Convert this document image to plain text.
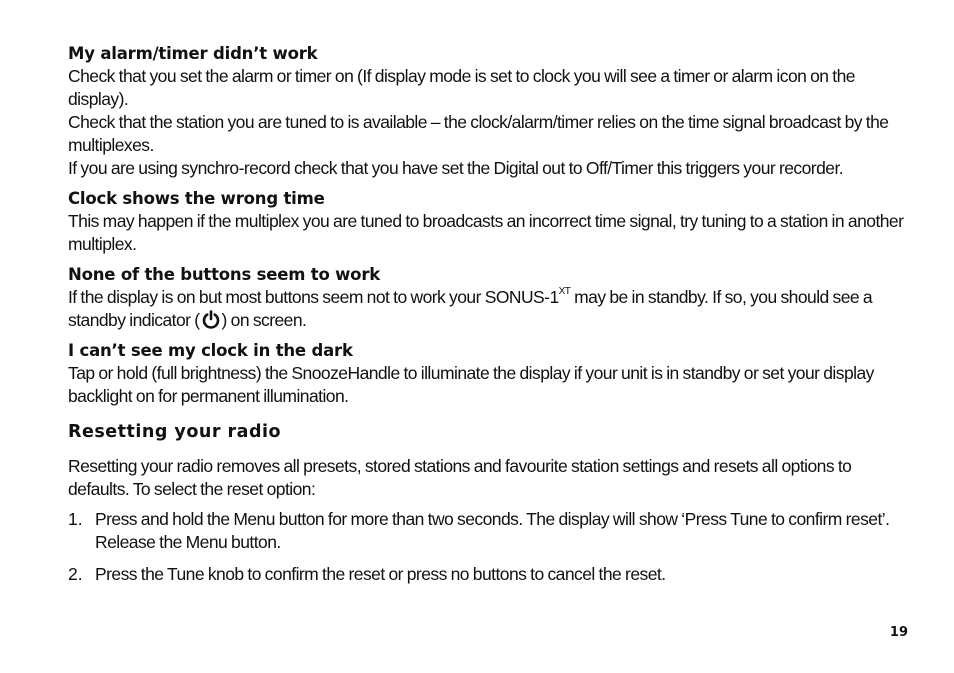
My alarm/timer didn’t work
Check that you set the alarm or timer on (If display mode is set to clock you will see a timer or alarm icon on the display).
Check that the station you are tuned to is available – the clock/alarm/timer relies on the time signal broadcast by the multiplexes.
If you are using synchro-record check that you have set the Digital out to Off/Timer this triggers your recorder.
Clock shows the wrong time
This may happen if the multiplex you are tuned to broadcasts an incorrect time signal, try tuning to a station in another multiplex.
None of the buttons seem to work
If the display is on but most buttons seem not to work your SONUS-$1^{XT}$ may be in standby. If so, you should see a standby indicator ( ) on screen.
I can’t see my clock in the dark
Tap or hold (full brightness) the SnoozeHandle to illuminate the display if your unit is in standby or set your display backlight on for permanent illumination.
Resetting your radio
Resetting your radio removes all presets, stored stations and favourite station settings and resets all options to defaults. To select the reset option:
1. Press and hold the Menu button for more than two seconds. The display will show ‘Press Tune to confirm reset’. Release the Menu button.
2. Press the Tune knob to confirm the reset or press no buttons to cancel the reset.
19
